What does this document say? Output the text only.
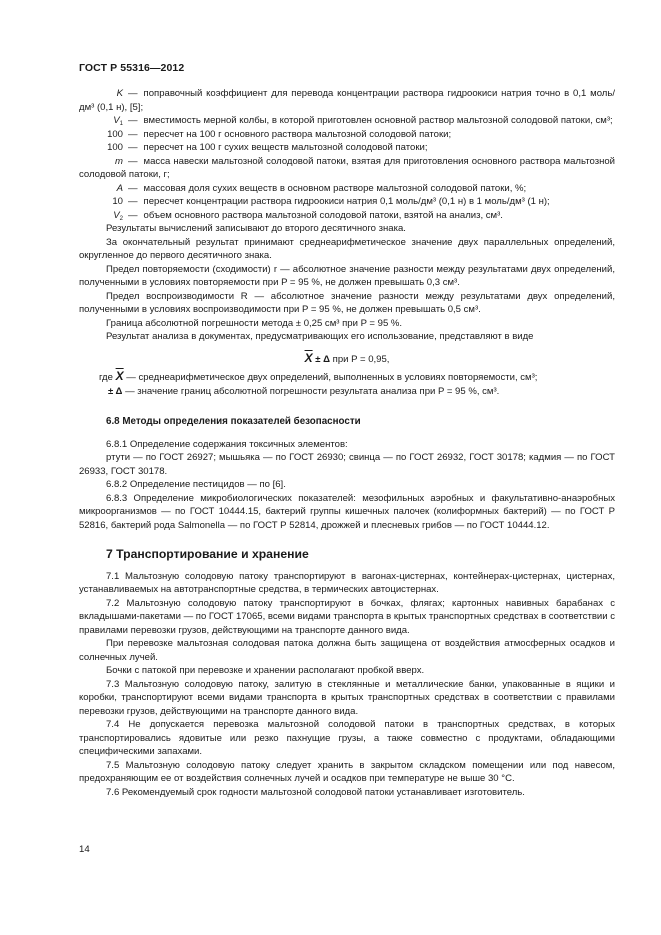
ГОСТ Р 55316—2012
K — поправочный коэффициент для перевода концентрации раствора гидроокиси натрия точно в 0,1 моль/дм³ (0,1 н), [5];
$V_1$ — вместимость мерной колбы, в которой приготовлен основной раствор мальтозной солодовой патоки, см³;
100 — пересчет на 100 г основного раствора мальтозной солодовой патоки;
100 — пересчет на 100 г сухих веществ мальтозной солодовой патоки;
m — масса навески мальтозной солодовой патоки, взятая для приготовления основного раствора мальтозной солодовой патоки, г;
A — массовая доля сухих веществ в основном растворе мальтозной солодовой патоки, %;
10 — пересчет концентрации раствора гидроокиси натрия 0,1 моль/дм³ (0,1 н) в 1 моль/дм³ (1 н);
$V_2$ — объем основного раствора мальтозной солодовой патоки, взятой на анализ, см³.
Результаты вычислений записывают до второго десятичного знака.
За окончательный результат принимают среднеарифметическое значение двух параллельных определений, округленное до первого десятичного знака.
Предел повторяемости (сходимости) r — абсолютное значение разности между результатами двух определений, полученными в условиях повторяемости при P = 95 %, не должен превышать 0,3 см³.
Предел воспроизводимости R — абсолютное значение разности между результатами двух определений, полученными в условиях воспроизводимости при P = 95 %, не должен превышать 0,5 см³.
Граница абсолютной погрешности метода ± 0,25 см³ при P = 95 %.
Результат анализа в документах, предусматривающих его использование, представляют в виде
$\overline{X} \pm \Delta$ при P = 0,95,
где $\overline{X}$ — среднеарифметическое двух определений, выполненных в условиях повторяемости, см³;
± Δ — значение границ абсолютной погрешности результата анализа при P = 95 %, см³.
6.8 Методы определения показателей безопасности
6.8.1 Определение содержания токсичных элементов:
ртути — по ГОСТ 26927; мышьяка — по ГОСТ 26930; свинца — по ГОСТ 26932, ГОСТ 30178; кадмия — по ГОСТ 26933, ГОСТ 30178.
6.8.2 Определение пестицидов — по [6].
6.8.3 Определение микробиологических показателей: мезофильных аэробных и факультативно-анаэробных микроорганизмов — по ГОСТ 10444.15, бактерий группы кишечных палочек (колиформных бактерий) — по ГОСТ Р 52816, бактерий рода Salmonella — по ГОСТ Р 52814, дрожжей и плесневых грибов — по ГОСТ 10444.12.
7 Транспортирование и хранение
7.1 Мальтозную солодовую патоку транспортируют в вагонах-цистернах, контейнерах-цистернах, цистернах, устанавливаемых на автотранспортные средства, в термических автоцистернах.
7.2 Мальтозную солодовую патоку транспортируют в бочках, флягах; картонных навивных барабанах с вкладышами-пакетами — по ГОСТ 17065, всеми видами транспорта в крытых транспортных средствах в соответствии с правилами перевозки грузов, действующими на транспорте данного вида.
При перевозке мальтозная солодовая патока должна быть защищена от воздействия атмосферных осадков и солнечных лучей.
Бочки с патокой при перевозке и хранении располагают пробкой вверх.
7.3 Мальтозную солодовую патоку, залитую в стеклянные и металлические банки, упакованные в ящики и коробки, транспортируют всеми видами транспорта в крытых транспортных средствах в соответствии с правилами перевозки грузов, действующими на транспорте данного вида.
7.4 Не допускается перевозка мальтозной солодовой патоки в транспортных средствах, в которых транспортировались ядовитые или резко пахнущие грузы, а также совместно с продуктами, обладающими специфическими запахами.
7.5 Мальтозную солодовую патоку следует хранить в закрытом складском помещении или под навесом, предохраняющим ее от воздействия солнечных лучей и осадков при температуре не выше 30 °С.
7.6 Рекомендуемый срок годности мальтозной солодовой патоки устанавливает изготовитель.
14
